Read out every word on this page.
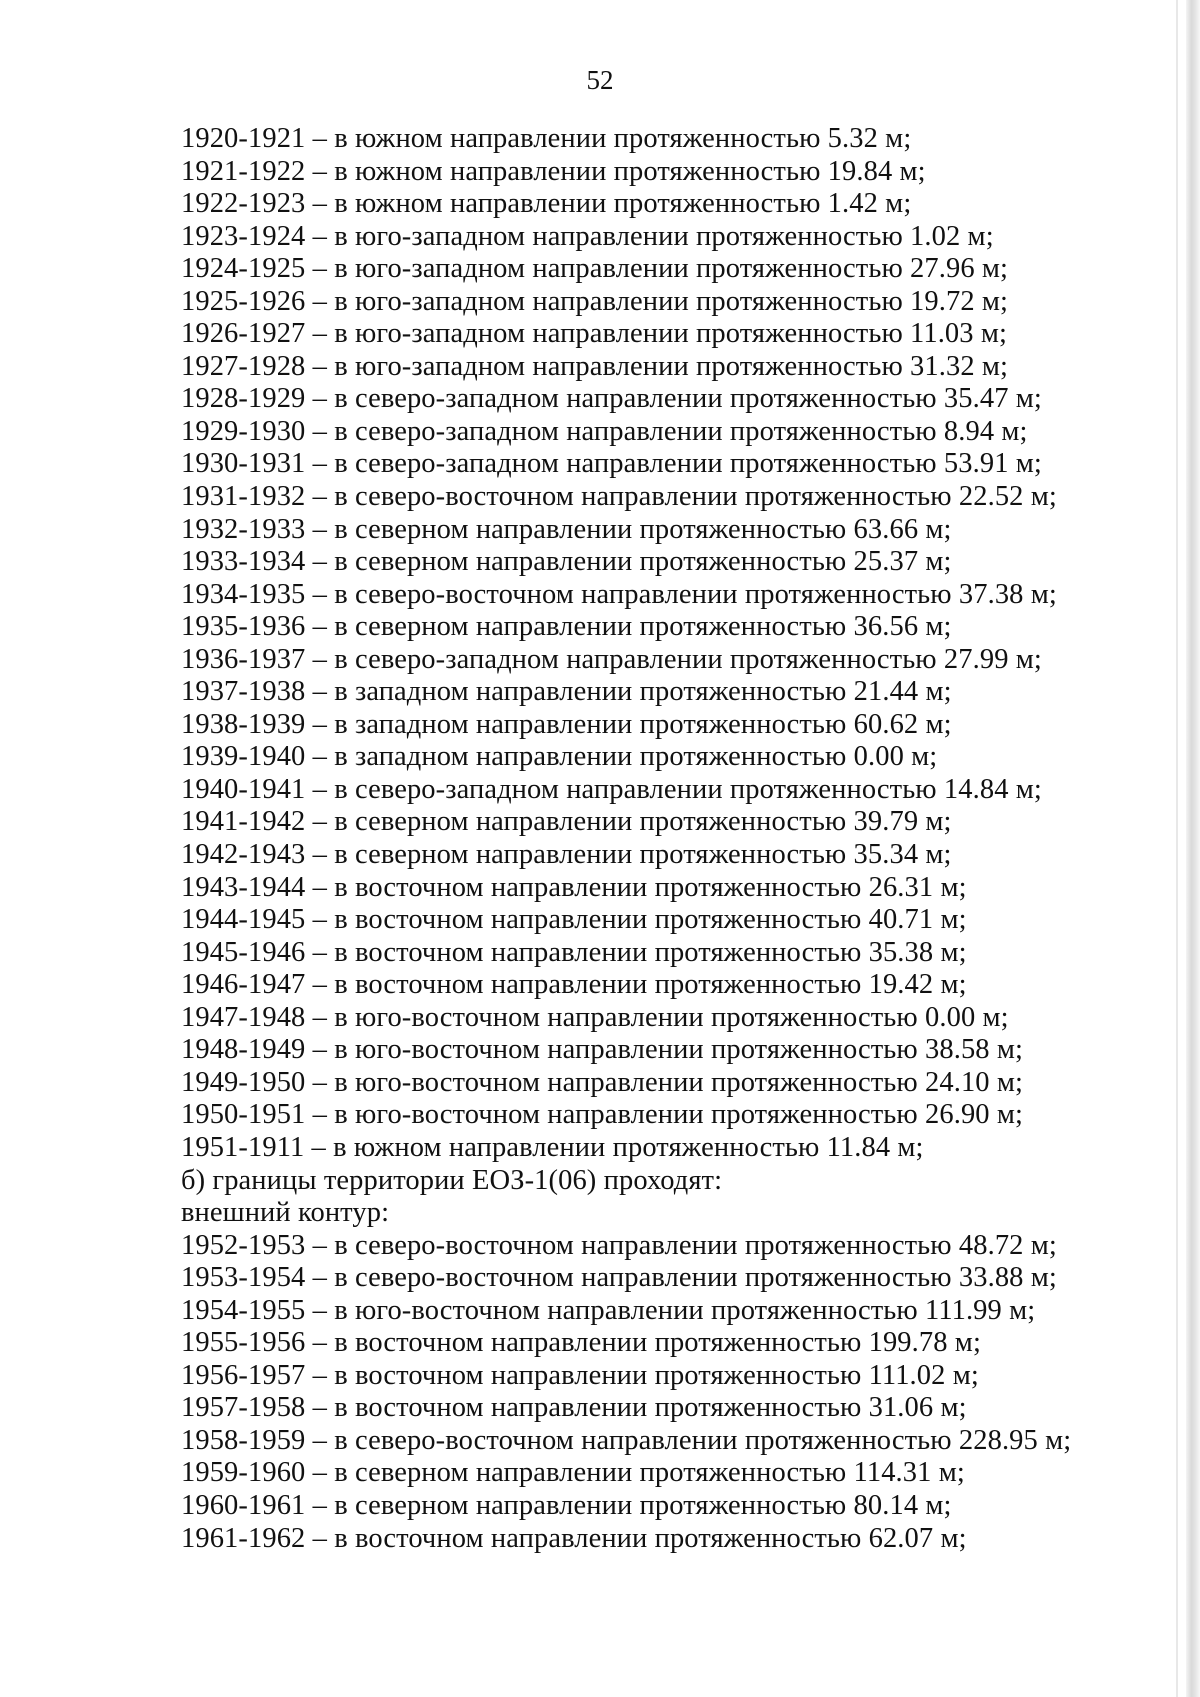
52
1920-1921 – в южном направлении протяженностью 5.32 м;
1921-1922 – в южном направлении протяженностью 19.84 м;
1922-1923 – в южном направлении протяженностью 1.42 м;
1923-1924 – в юго-западном направлении протяженностью 1.02 м;
1924-1925 – в юго-западном направлении протяженностью 27.96 м;
1925-1926 – в юго-западном направлении протяженностью 19.72 м;
1926-1927 – в юго-западном направлении протяженностью 11.03 м;
1927-1928 – в юго-западном направлении протяженностью 31.32 м;
1928-1929 – в северо-западном направлении протяженностью 35.47 м;
1929-1930 – в северо-западном направлении протяженностью 8.94 м;
1930-1931 – в северо-западном направлении протяженностью 53.91 м;
1931-1932 – в северо-восточном направлении протяженностью 22.52 м;
1932-1933 – в северном направлении протяженностью 63.66 м;
1933-1934 – в северном направлении протяженностью 25.37 м;
1934-1935 – в северо-восточном направлении протяженностью 37.38 м;
1935-1936 – в северном направлении протяженностью 36.56 м;
1936-1937 – в северо-западном направлении протяженностью 27.99 м;
1937-1938 – в западном направлении протяженностью 21.44 м;
1938-1939 – в западном направлении протяженностью 60.62 м;
1939-1940 – в западном направлении протяженностью 0.00 м;
1940-1941 – в северо-западном направлении протяженностью 14.84 м;
1941-1942 – в северном направлении протяженностью 39.79 м;
1942-1943 – в северном направлении протяженностью 35.34 м;
1943-1944 – в восточном направлении протяженностью 26.31 м;
1944-1945 – в восточном направлении протяженностью 40.71 м;
1945-1946 – в восточном направлении протяженностью 35.38 м;
1946-1947 – в восточном направлении протяженностью 19.42 м;
1947-1948 – в юго-восточном направлении протяженностью 0.00 м;
1948-1949 – в юго-восточном направлении протяженностью 38.58 м;
1949-1950 – в юго-восточном направлении протяженностью 24.10 м;
1950-1951 – в юго-восточном направлении протяженностью 26.90 м;
1951-1911 – в южном направлении протяженностью 11.84 м;
б) границы территории ЕОЗ-1(06) проходят:
внешний контур:
1952-1953 – в северо-восточном направлении протяженностью 48.72 м;
1953-1954 – в северо-восточном направлении протяженностью 33.88 м;
1954-1955 – в юго-восточном направлении протяженностью 111.99 м;
1955-1956 – в восточном направлении протяженностью 199.78 м;
1956-1957 – в восточном направлении протяженностью 111.02 м;
1957-1958 – в восточном направлении протяженностью 31.06 м;
1958-1959 – в северо-восточном направлении протяженностью 228.95 м;
1959-1960 – в северном направлении протяженностью 114.31 м;
1960-1961 – в северном направлении протяженностью 80.14 м;
1961-1962 – в восточном направлении протяженностью 62.07 м;
